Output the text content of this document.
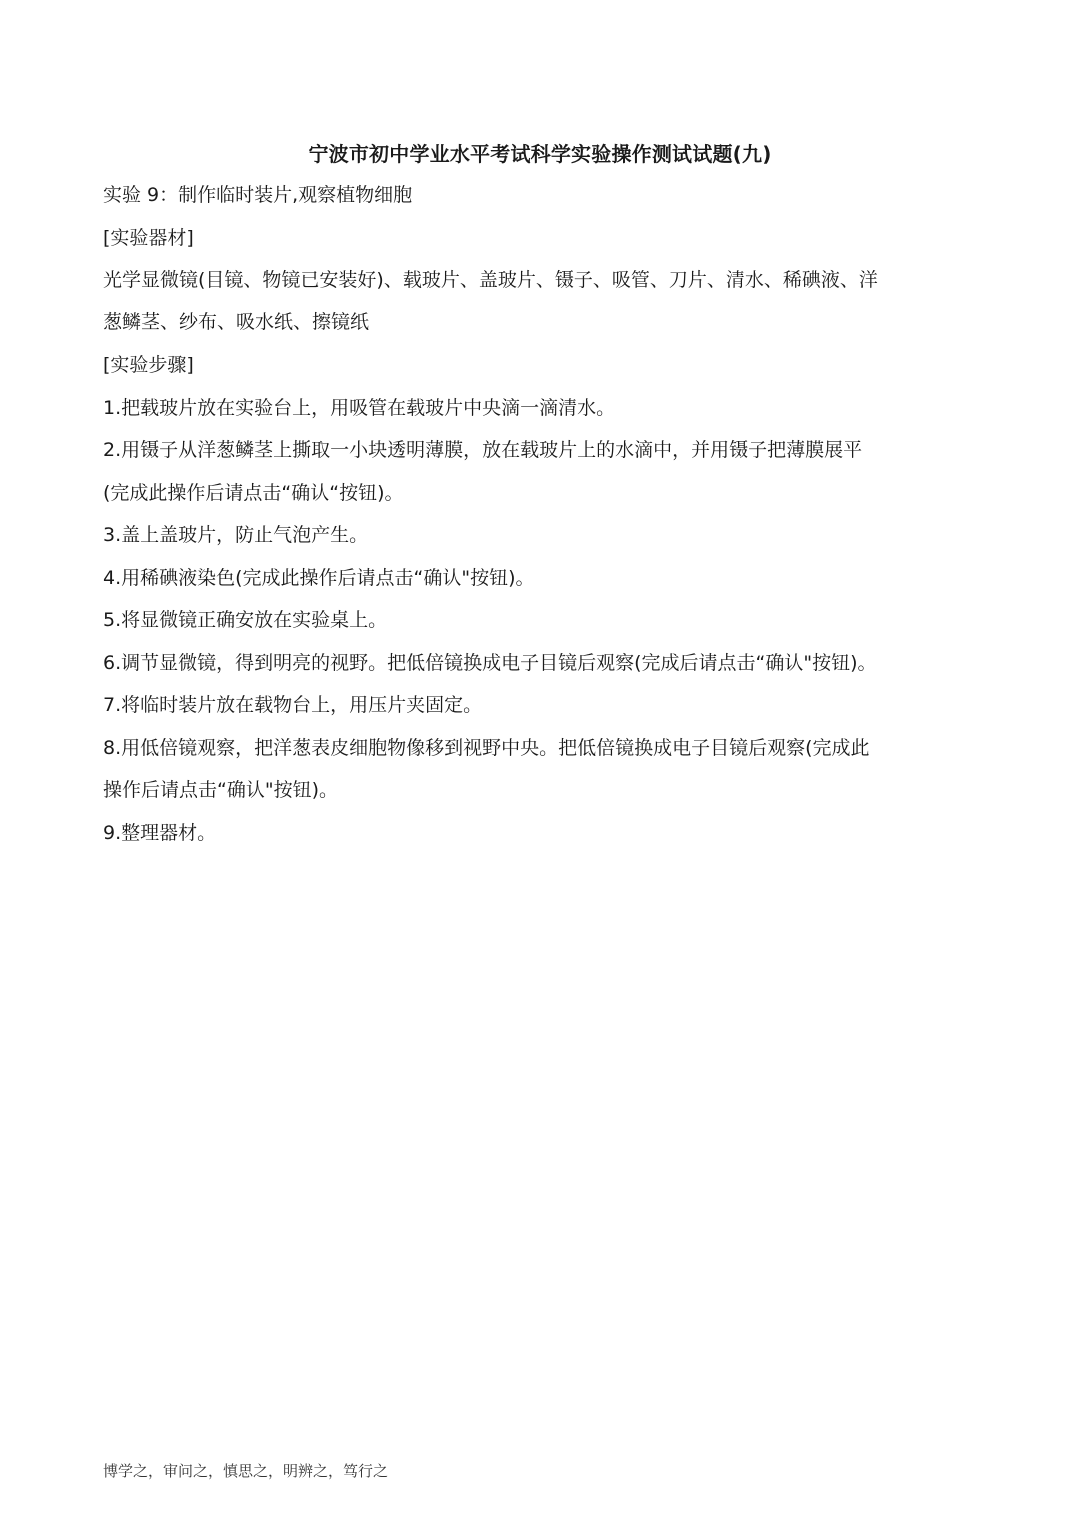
宁波市初中学业水平考试科学实验操作测试试题(九)
实验 9：制作临时装片,观察植物细胞
[实验器材]
光学显微镜(目镜、物镜已安装好)、载玻片、盖玻片、镊子、吸管、刀片、清水、稀碘液、洋
葱鳞茎、纱布、吸水纸、擦镜纸
[实验步骤]
1.把载玻片放在实验台上，用吸管在载玻片中央滴一滴清水。
2.用镊子从洋葱鳞茎上撕取一小块透明薄膜，放在载玻片上的水滴中，并用镊子把薄膜展平
(完成此操作后请点击“确认“按钮)。
3.盖上盖玻片，防止气泡产生。
4.用稀碘液染色(完成此操作后请点击“确认"按钮)。
5.将显微镜正确安放在实验桌上。
6.调节显微镜，得到明亮的视野。把低倍镜换成电子目镜后观察(完成后请点击“确认"按钮)。
7.将临时装片放在载物台上，用压片夹固定。
8.用低倍镜观察，把洋葱表皮细胞物像移到视野中央。把低倍镜换成电子目镜后观察(完成此
操作后请点击“确认"按钮)。
9.整理器材。
博学之，审问之，慎思之，明辨之，笃行之
